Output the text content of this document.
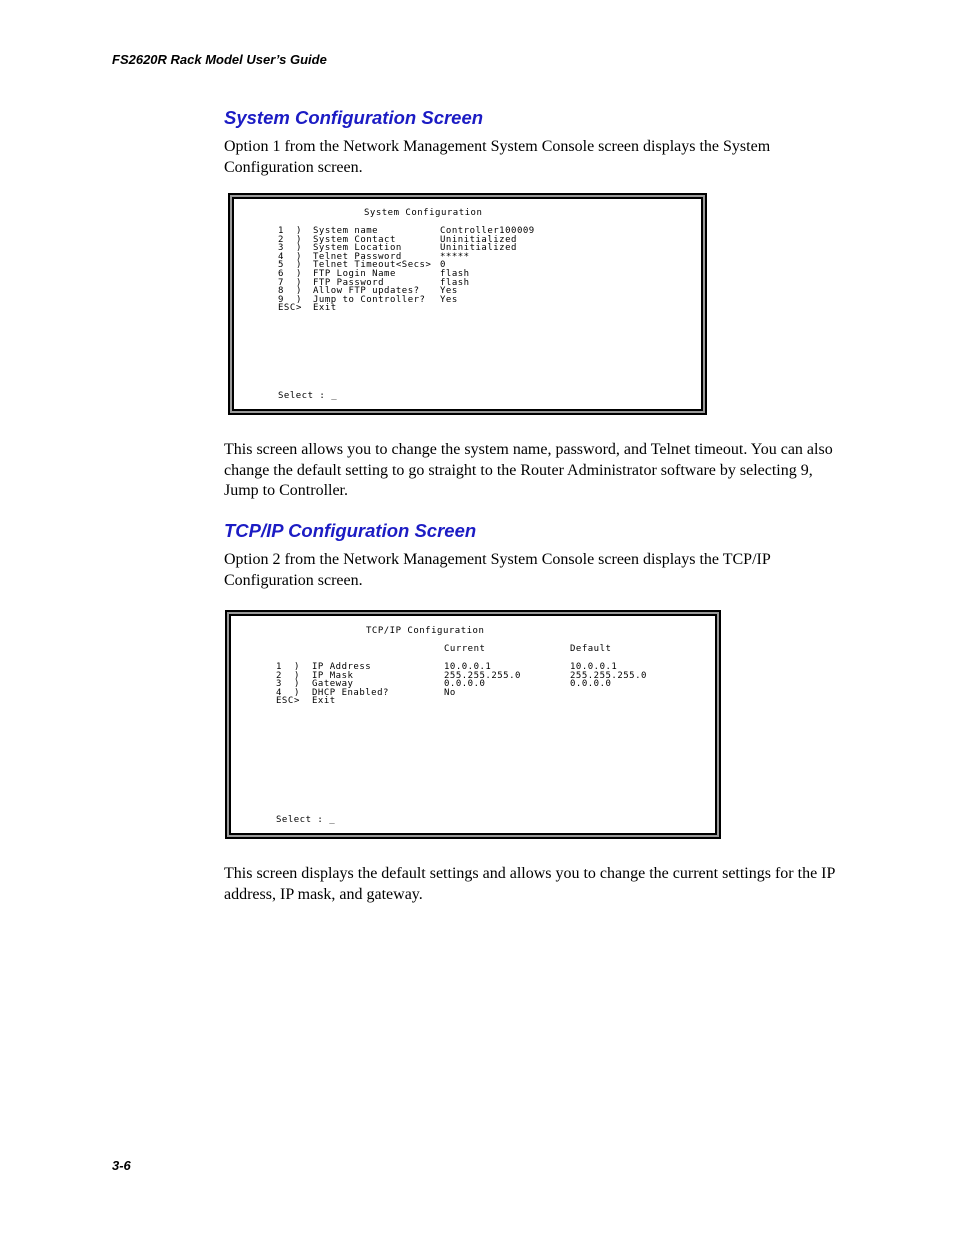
FS2620R Rack Model User’s Guide
System Configuration Screen
Option 1 from the Network Management System Console screen displays the System Configuration screen.
System Configuration
1
2
3
4
5
6
7
8
9
ESC
)
)
)
)
)
)
)
)
)
>
System name
System Contact
System Location
Telnet Password
Telnet Timeout<Secs>
FTP Login Name
FTP Password
Allow FTP updates?
Jump to Controller?
Exit
Controller100009
Uninitialized
Uninitialized
*****
0
flash
flash
Yes
Yes
Select : _
This screen allows you to change the system name, password, and Telnet timeout. You can also change the default setting to go straight to the Router Administrator software by selecting 9, Jump to Controller.
TCP/IP Configuration Screen
Option 2 from the Network Management System Console screen displays the TCP/IP Configuration screen.
TCP/IP Configuration
Current	Default
1
2
3
4
ESC
)
)
)
)
>
IP Address
IP Mask
Gateway
DHCP Enabled?
Exit
10.0.0.1
255.255.255.0
0.0.0.0
No
10.0.0.1
255.255.255.0
0.0.0.0
Select : _
This screen displays the default settings and allows you to change the current settings for the IP address, IP mask, and gateway.
3-6
